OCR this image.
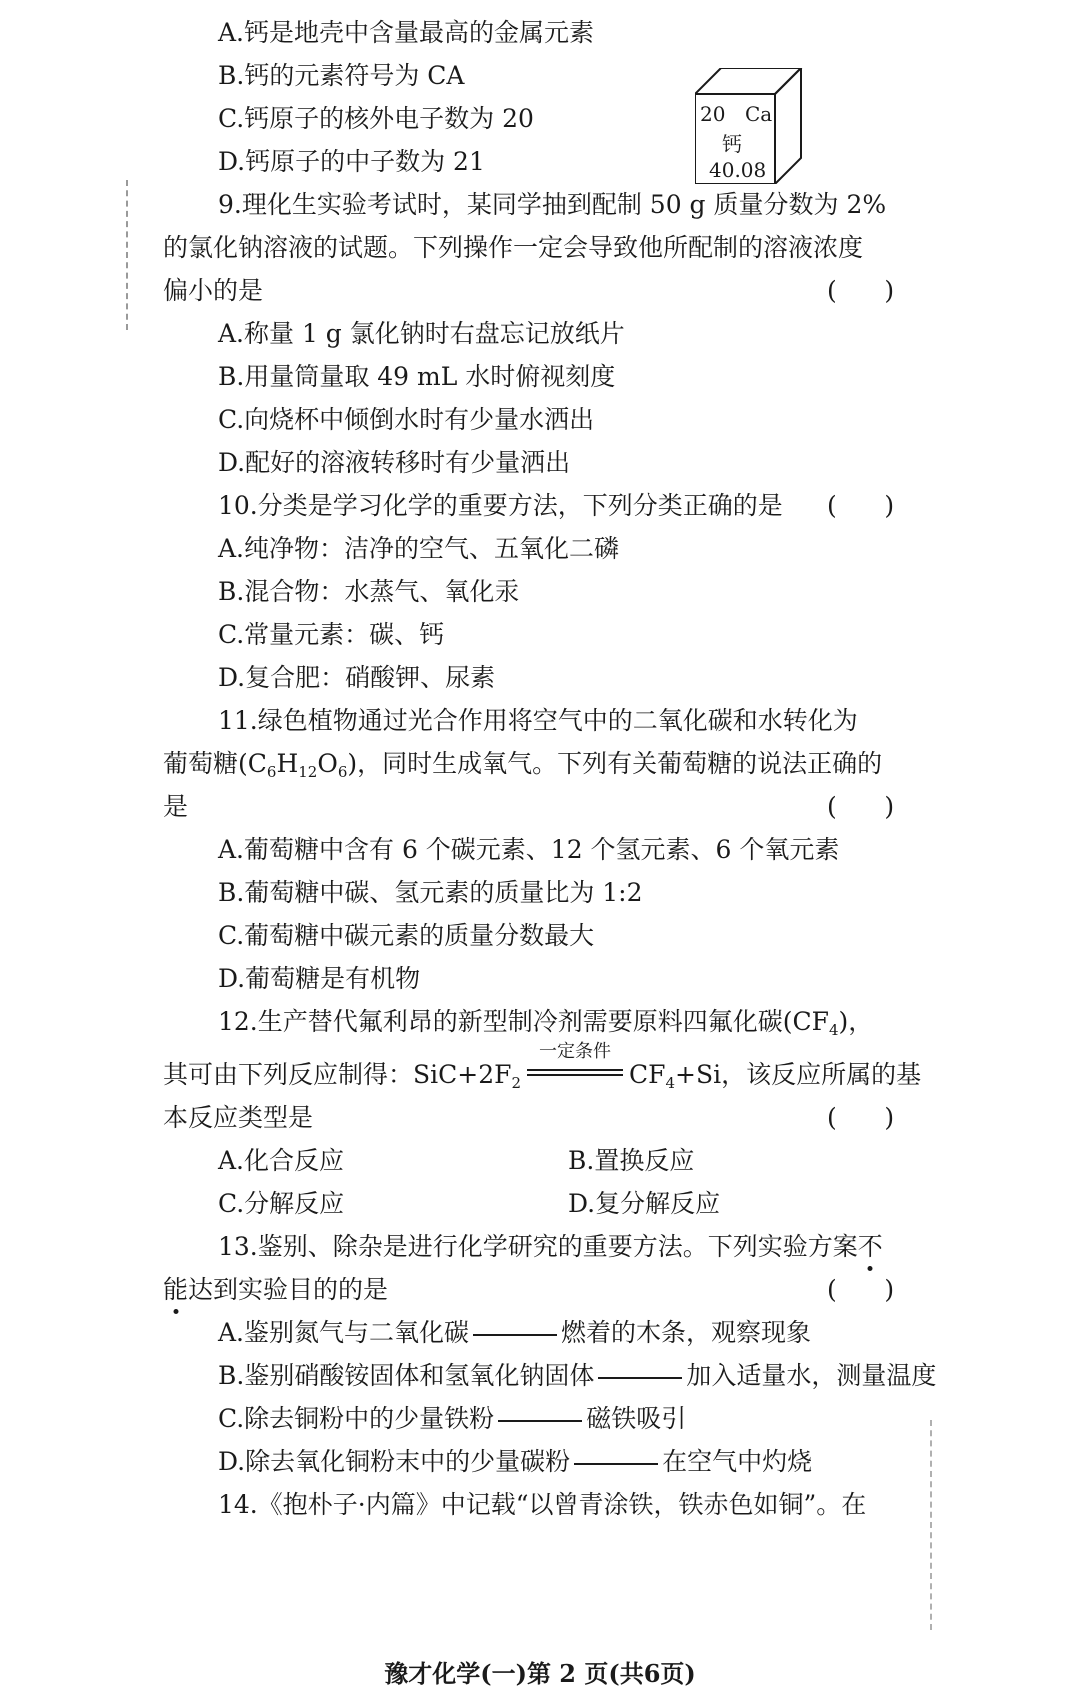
A.钙是地壳中含量最高的金属元素
B.钙的元素符号为 CA
C.钙原子的核外电子数为 20
D.钙原子的中子数为 21
20 Ca
钙
40.08
9.理化生实验考试时，某同学抽到配制 50 g 质量分数为 2%
的氯化钠溶液的试题。下列操作一定会导致他所配制的溶液浓度
偏小的是	(      )
A.称量 1 g 氯化钠时右盘忘记放纸片
B.用量筒量取 49 mL 水时俯视刻度
C.向烧杯中倾倒水时有少量水洒出
D.配好的溶液转移时有少量洒出
10.分类是学习化学的重要方法，下列分类正确的是 (      )
A.纯净物：洁净的空气、五氧化二磷
B.混合物：水蒸气、氧化汞
C.常量元素：碳、钙
D.复合肥：硝酸钾、尿素
11.绿色植物通过光合作用将空气中的二氧化碳和水转化为
葡萄糖$(C_6H_{12}O_6)$，同时生成氧气。下列有关葡萄糖的说法正确的
是	(      )
A.葡萄糖中含有 6 个碳元素、12 个氢元素、6 个氧元素
B.葡萄糖中碳、氢元素的质量比为 1:2
C.葡萄糖中碳元素的质量分数最大
D.葡萄糖是有机物
12.生产替代氟利昂的新型制冷剂需要原料四氟化碳$(CF_4)$，
其可由下列反应制得：$SiC+2F_2$
一定条件
$CF_4+Si$，该反应所属的基
本反应类型是	(      )
A.化合反应	B.置换反应
C.分解反应	D.复分解反应
13.鉴别、除杂是进行化学研究的重要方法。下列实验方案不
能达到实验目的的是	(      )
A.鉴别氮气与二氧化碳	燃着的木条，观察现象
B.鉴别硝酸铵固体和氢氧化钠固体	加入适量水，测量温度
C.除去铜粉中的少量铁粉	磁铁吸引
D.除去氧化铜粉末中的少量碳粉	在空气中灼烧
14.《抱朴子·内篇》中记载“以曾青涂铁，铁赤色如铜”。在
豫才化学(一)第 2 页(共6页)
